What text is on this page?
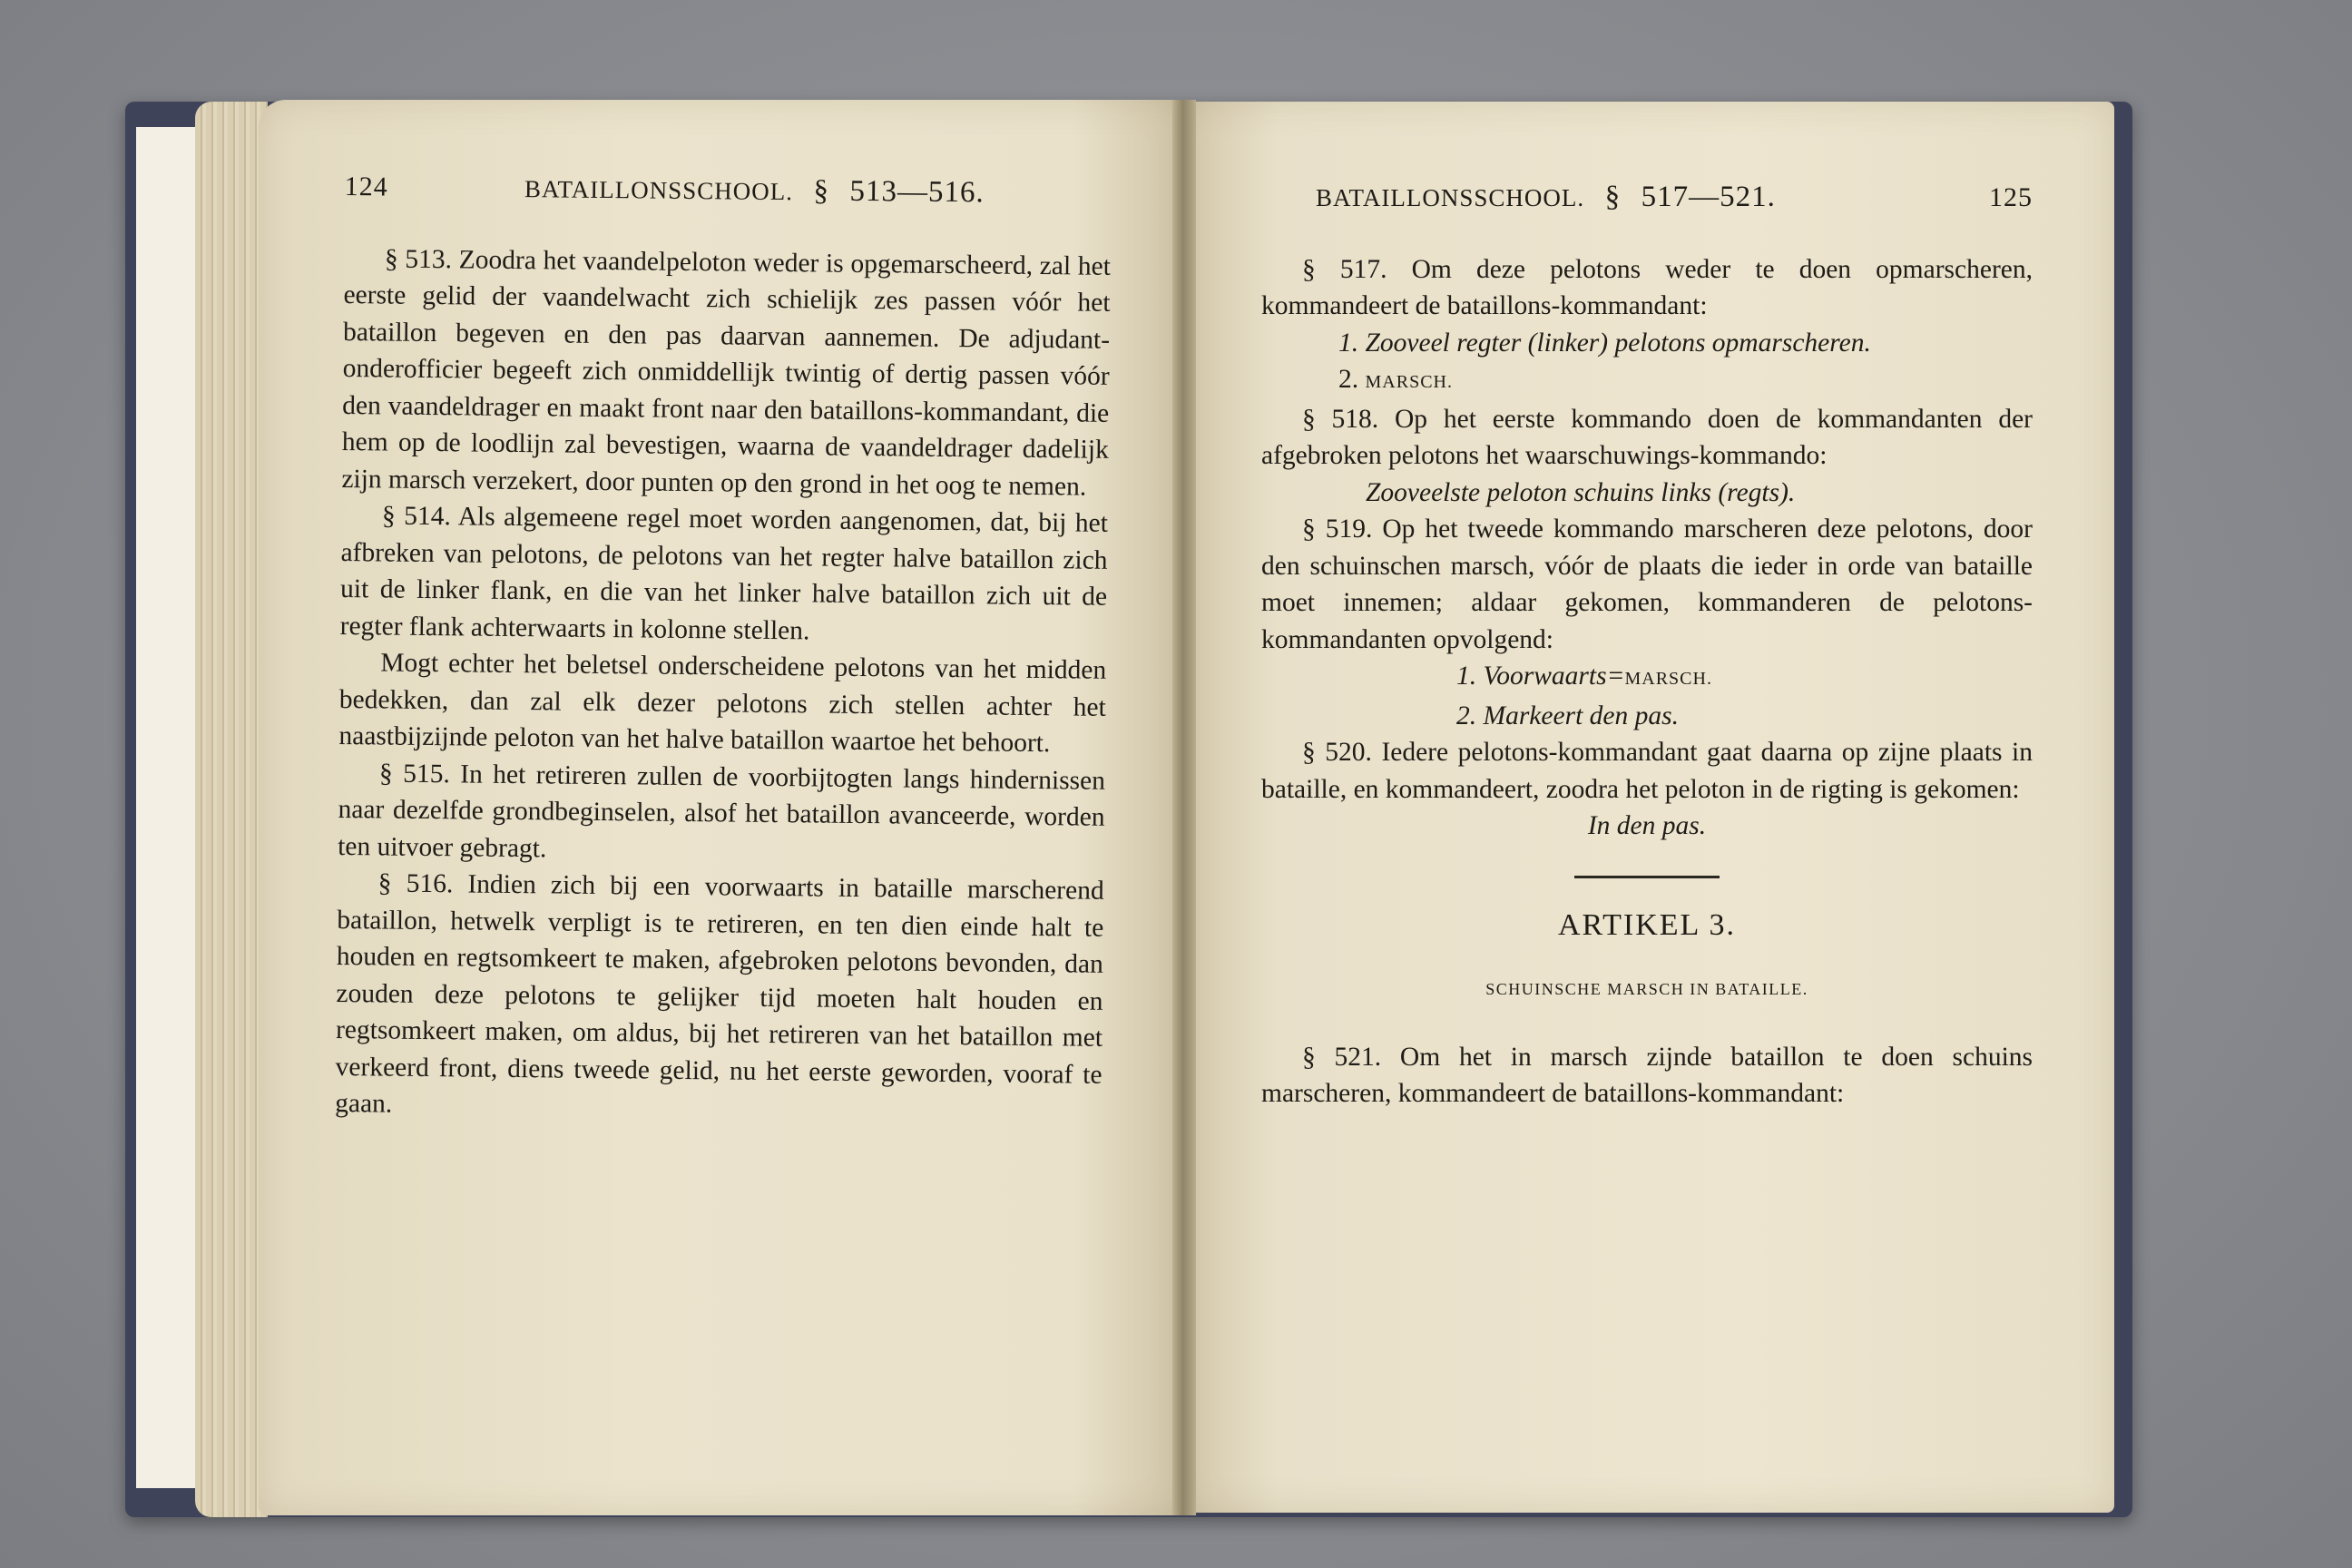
124	BATAILLONSSCHOOL. § 513—516.

§ 513. Zoodra het vaandelpeloton weder is opgemarscheerd, zal het eerste gelid der vaandelwacht zich schielijk zes passen vóór het bataillon begeven en den pas daarvan aannemen. De adjudant-onderofficier begeeft zich onmiddellijk twintig of dertig passen vóór den vaandeldrager en maakt front naar den bataillons-kommandant, die hem op de loodlijn zal bevestigen, waarna de vaandeldrager dadelijk zijn marsch verzekert, door punten op den grond in het oog te nemen.

§ 514. Als algemeene regel moet worden aangenomen, dat, bij het afbreken van pelotons, de pelotons van het regter halve bataillon zich uit de linker flank, en die van het linker halve bataillon zich uit de regter flank achterwaarts in kolonne stellen.

Mogt echter het beletsel onderscheidene pelotons van het midden bedekken, dan zal elk dezer pelotons zich stellen achter het naastbijzijnde peloton van het halve bataillon waartoe het behoort.

§ 515. In het retireren zullen de voorbijtogten langs hindernissen naar dezelfde grondbeginselen, alsof het bataillon avanceerde, worden ten uitvoer gebragt.

§ 516. Indien zich bij een voorwaarts in bataille marscherend bataillon, hetwelk verpligt is te retireren, en ten dien einde halt te houden en regtsomkeert te maken, afgebroken pelotons bevonden, dan zouden deze pelotons te gelijker tijd moeten halt houden en regtsomkeert maken, om aldus, bij het retireren van het bataillon met verkeerd front, diens tweede gelid, nu het eerste geworden, vooraf te gaan.

BATAILLONSSCHOOL. § 517—521.	125

§ 517. Om deze pelotons weder te doen opmarscheren, kommandeert de bataillons-kommandant:

1. Zooveel regter (linker) pelotons opmarscheren.
2. MARSCH.

§ 518. Op het eerste kommando doen de kommandanten der afgebroken pelotons het waarschuwings-kommando:

Zooveelste peloton schuins links (regts).

§ 519. Op het tweede kommando marscheren deze pelotons, door den schuinschen marsch, vóór de plaats die ieder in orde van bataille moet innemen; aldaar gekomen, kommanderen de pelotons-kommandanten opvolgend:

1. Voorwaarts=MARSCH.
2. Markeert den pas.

§ 520. Iedere pelotons-kommandant gaat daarna op zijne plaats in bataille, en kommandeert, zoodra het peloton in de rigting is gekomen:

In den pas.
ARTIKEL 3.
SCHUINSCHE MARSCH IN BATAILLE.

§ 521. Om het in marsch zijnde bataillon te doen schuins marscheren, kommandeert de bataillons-kommandant:
